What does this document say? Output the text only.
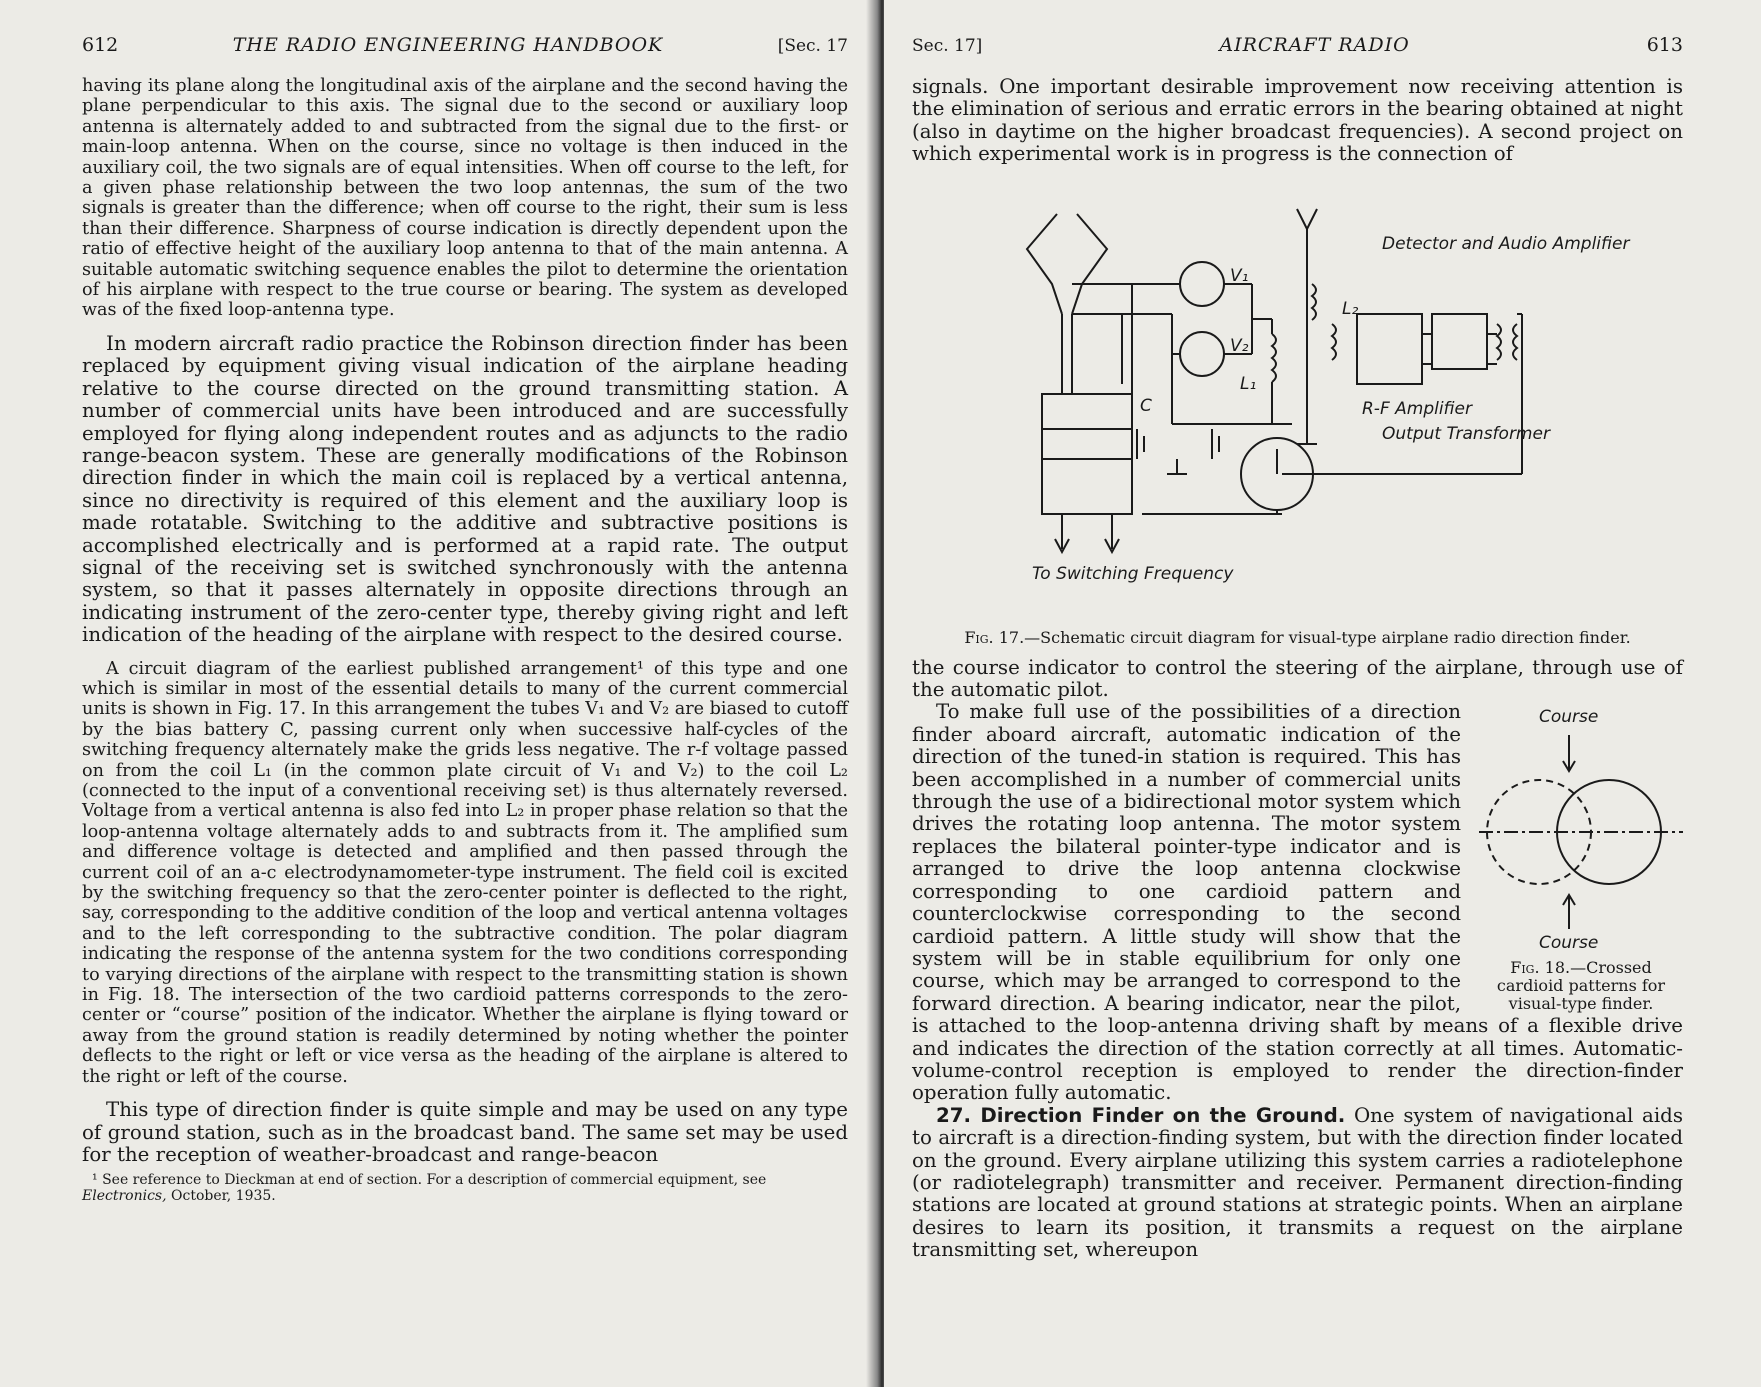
612	THE RADIO ENGINEERING HANDBOOK	[Sec. 17

having its plane along the longitudinal axis of the airplane and the second having the plane perpendicular to this axis. The signal due to the second or auxiliary loop antenna is alternately added to and subtracted from the signal due to the first- or main-loop antenna. When on the course, since no voltage is then induced in the auxiliary coil, the two signals are of equal intensities. When off course to the left, for a given phase relationship between the two loop antennas, the sum of the two signals is greater than the difference; when off course to the right, their sum is less than their difference. Sharpness of course indication is directly dependent upon the ratio of effective height of the auxiliary loop antenna to that of the main antenna. A suitable automatic switching sequence enables the pilot to determine the orientation of his airplane with respect to the true course or bearing. The system as developed was of the fixed loop-antenna type.

In modern aircraft radio practice the Robinson direction finder has been replaced by equipment giving visual indication of the airplane heading relative to the course directed on the ground transmitting station. A number of commercial units have been introduced and are successfully employed for flying along independent routes and as adjuncts to the radio range-beacon system. These are generally modifications of the Robinson direction finder in which the main coil is replaced by a vertical antenna, since no directivity is required of this element and the auxiliary loop is made rotatable. Switching to the additive and subtractive positions is accomplished electrically and is performed at a rapid rate. The output signal of the receiving set is switched synchronously with the antenna system, so that it passes alternately in opposite directions through an indicating instrument of the zero-center type, thereby giving right and left indication of the heading of the airplane with respect to the desired course.

A circuit diagram of the earliest published arrangement¹ of this type and one which is similar in most of the essential details to many of the current commercial units is shown in Fig. 17. In this arrangement the tubes V₁ and V₂ are biased to cutoff by the bias battery C, passing current only when successive half-cycles of the switching frequency alternately make the grids less negative. The r-f voltage passed on from the coil L₁ (in the common plate circuit of V₁ and V₂) to the coil L₂ (connected to the input of a conventional receiving set) is thus alternately reversed. Voltage from a vertical antenna is also fed into L₂ in proper phase relation so that the loop-antenna voltage alternately adds to and subtracts from it. The amplified sum and difference voltage is detected and amplified and then passed through the current coil of an a-c electrodynamometer-type instrument. The field coil is excited by the switching frequency so that the zero-center pointer is deflected to the right, say, corresponding to the additive condition of the loop and vertical antenna voltages and to the left corresponding to the subtractive condition. The polar diagram indicating the response of the antenna system for the two conditions corresponding to varying directions of the airplane with respect to the transmitting station is shown in Fig. 18. The intersection of the two cardioid patterns corresponds to the zero-center or “course” position of the indicator. Whether the airplane is flying toward or away from the ground station is readily determined by noting whether the pointer deflects to the right or left or vice versa as the heading of the airplane is altered to the right or left of the course.

This type of direction finder is quite simple and may be used on any type of ground station, such as in the broadcast band. The same set may be used for the reception of weather-broadcast and range-beacon

¹ See reference to Dieckman at end of section. For a description of commercial equipment, see Electronics, October, 1935.

Sec. 17]	AIRCRAFT RADIO	613

signals. One important desirable improvement now receiving attention is the elimination of serious and erratic errors in the bearing obtained at night (also in daytime on the higher broadcast frequencies). A second project on which experimental work is in progress is the connection of

Detector and Audio Amplifier
R-F Amplifier
Output Transformer
To Switching Frequency
C
V₁
V₂
L₁
L₂

Fig. 17.—Schematic circuit diagram for visual-type airplane radio direction finder.

the course indicator to control the steering of the airplane, through use of the automatic pilot.

Course
Course
Fig. 18.—Crossed cardioid patterns for visual-type finder.

To make full use of the possibilities of a direction finder aboard aircraft, automatic indication of the direction of the tuned-in station is required. This has been accomplished in a number of commercial units through the use of a bidirectional motor system which drives the rotating loop antenna. The motor system replaces the bilateral pointer-type indicator and is arranged to drive the loop antenna clockwise corresponding to one cardioid pattern and counterclockwise corresponding to the second cardioid pattern. A little study will show that the system will be in stable equilibrium for only one course, which may be arranged to correspond to the forward direction. A bearing indicator, near the pilot, is attached to the loop-antenna driving shaft by means of a flexible drive and indicates the direction of the station correctly at all times. Automatic-volume-control reception is employed to render the direction-finder operation fully automatic.

27. Direction Finder on the Ground. One system of navigational aids to aircraft is a direction-finding system, but with the direction finder located on the ground. Every airplane utilizing this system carries a radiotelephone (or radiotelegraph) transmitter and receiver. Permanent direction-finding stations are located at ground stations at strategic points. When an airplane desires to learn its position, it transmits a request on the airplane transmitting set, whereupon
